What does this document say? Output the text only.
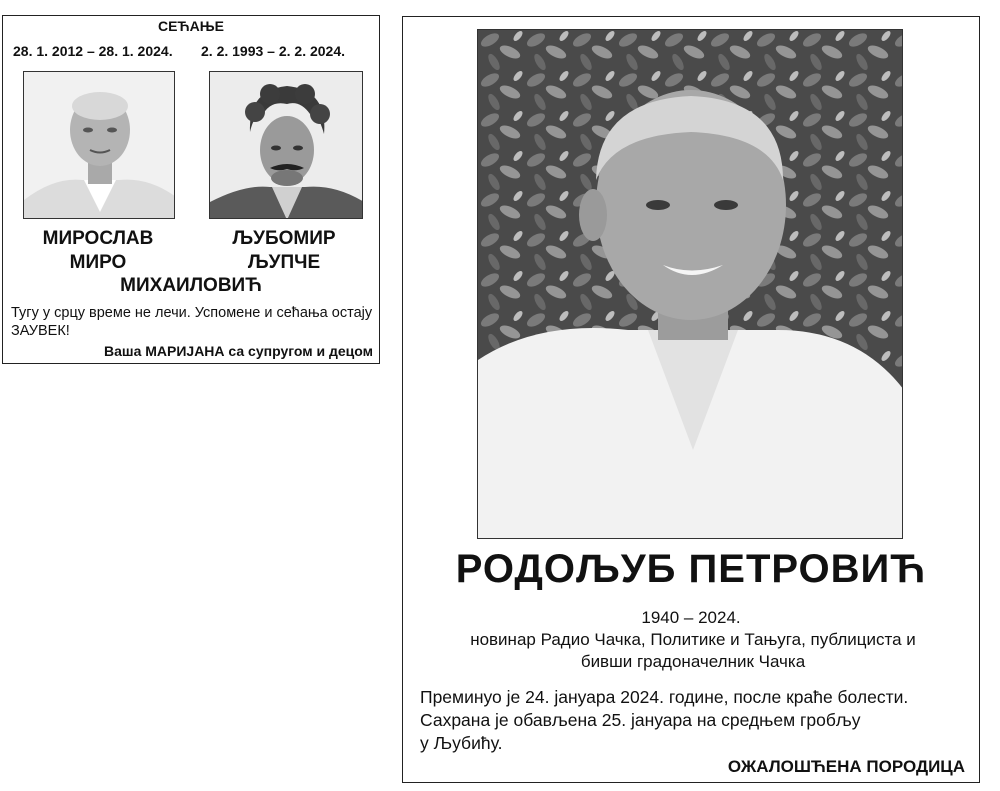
СЕЋАЊЕ
28. 1. 2012 – 28. 1. 2024. 2. 2. 1993 – 2. 2. 2024.
МИРОСЛАВ
МИРО
ЉУБОМИР
ЉУПЧЕ
МИХАИЛОВИЋ
Тугу у срцу време не лечи. Успомене и сећања остају ЗАУВЕК!
Ваша МАРИЈАНА са супругом и децом
РОДОЉУБ ПЕТРОВИЋ
1940 – 2024.
новинар Радио Чачка, Политике и Тањуга, публициста и
бивши градоначелник Чачка
Преминуо је 24. јануара 2024. године, после краће болести.
Сахрана је обављена 25. јануара на средњем гробљу
у Љубићу.
ОЖАЛОШЋЕНА ПОРОДИЦА
